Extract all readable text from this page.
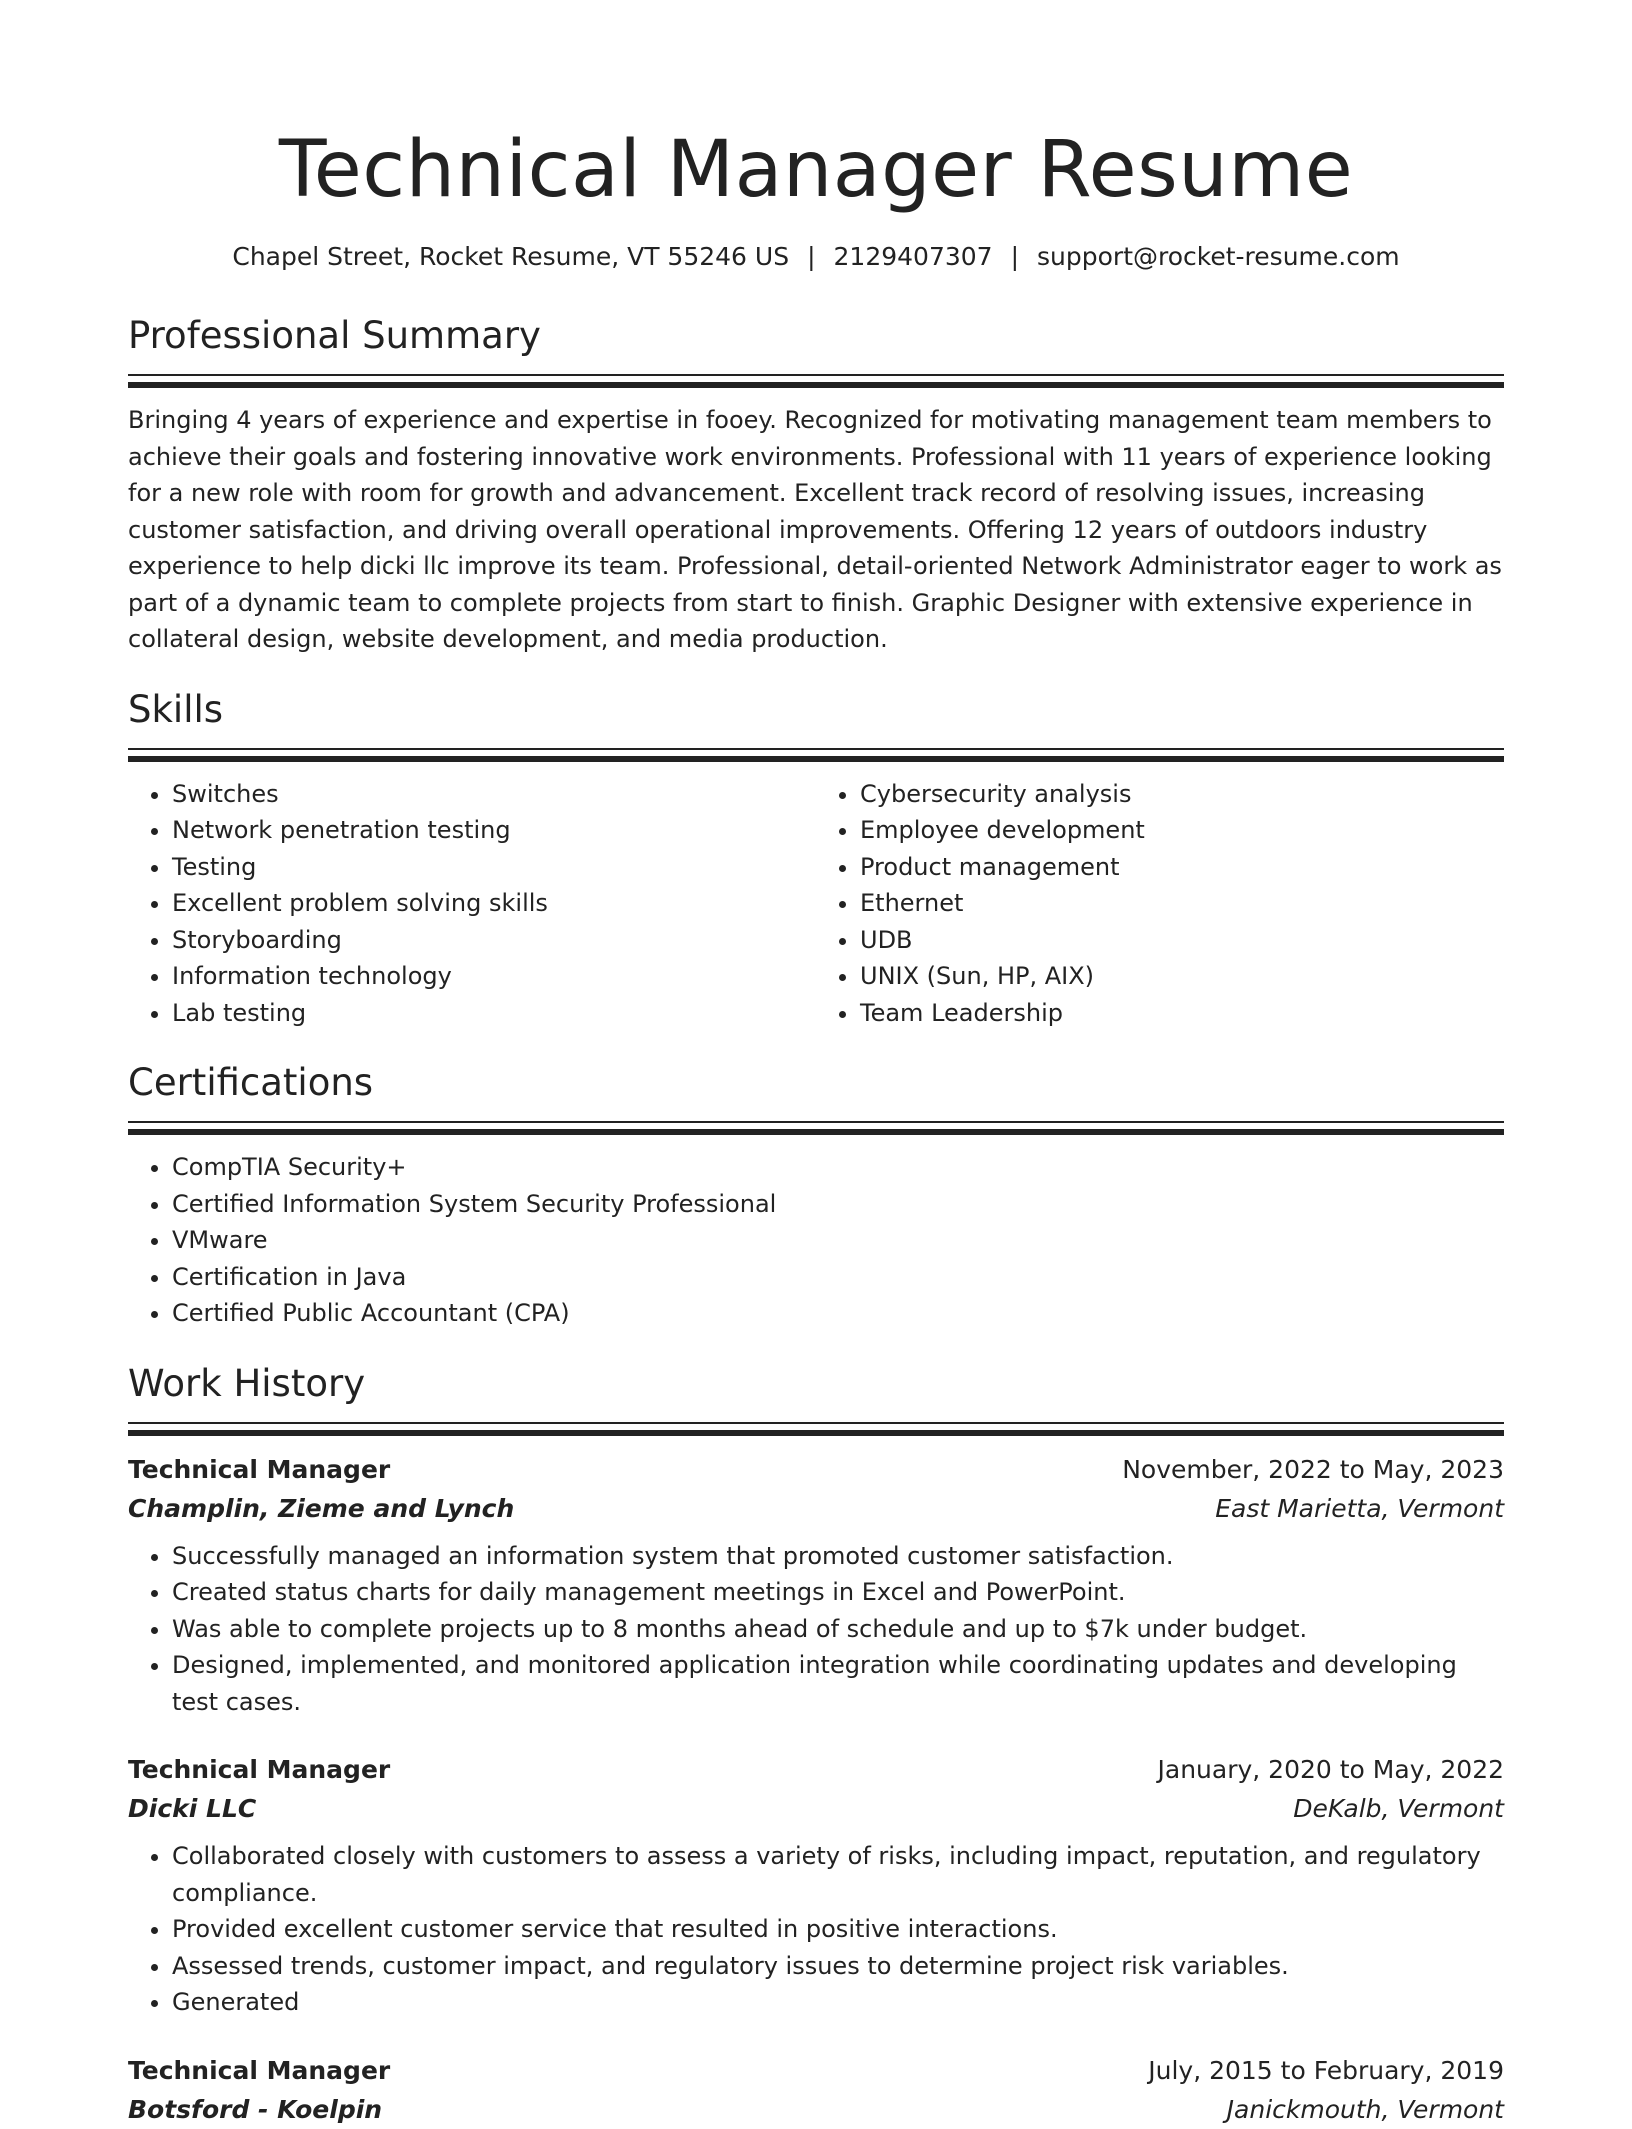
Technical Manager Resume
Chapel Street, Rocket Resume, VT 55246 US | 2129407307 | support@rocket-resume.com
Professional Summary
Bringing 4 years of experience and expertise in fooey. Recognized for motivating management team members to achieve their goals and fostering innovative work environments. Professional with 11 years of experience looking for a new role with room for growth and advancement. Excellent track record of resolving issues, increasing customer satisfaction, and driving overall operational improvements. Offering 12 years of outdoors industry experience to help dicki llc improve its team. Professional, detail-oriented Network Administrator eager to work as part of a dynamic team to complete projects from start to finish. Graphic Designer with extensive experience in collateral design, website development, and media production.
Skills
• Switches
• Network penetration testing
• Testing
• Excellent problem solving skills
• Storyboarding
• Information technology
• Lab testing
• Cybersecurity analysis
• Employee development
• Product management
• Ethernet
• UDB
• UNIX (Sun, HP, AIX)
• Team Leadership
Certifications
• CompTIA Security+
• Certified Information System Security Professional
• VMware
• Certification in Java
• Certified Public Accountant (CPA)
Work History
Technical Manager	November, 2022 to May, 2023
Champlin, Zieme and Lynch	East Marietta, Vermont
• Successfully managed an information system that promoted customer satisfaction.
• Created status charts for daily management meetings in Excel and PowerPoint.
• Was able to complete projects up to 8 months ahead of schedule and up to $7k under budget.
• Designed, implemented, and monitored application integration while coordinating updates and developing test cases.
Technical Manager	January, 2020 to May, 2022
Dicki LLC	DeKalb, Vermont
• Collaborated closely with customers to assess a variety of risks, including impact, reputation, and regulatory compliance.
• Provided excellent customer service that resulted in positive interactions.
• Assessed trends, customer impact, and regulatory issues to determine project risk variables.
• Generated
Technical Manager	July, 2015 to February, 2019
Botsford - Koelpin	Janickmouth, Vermont
